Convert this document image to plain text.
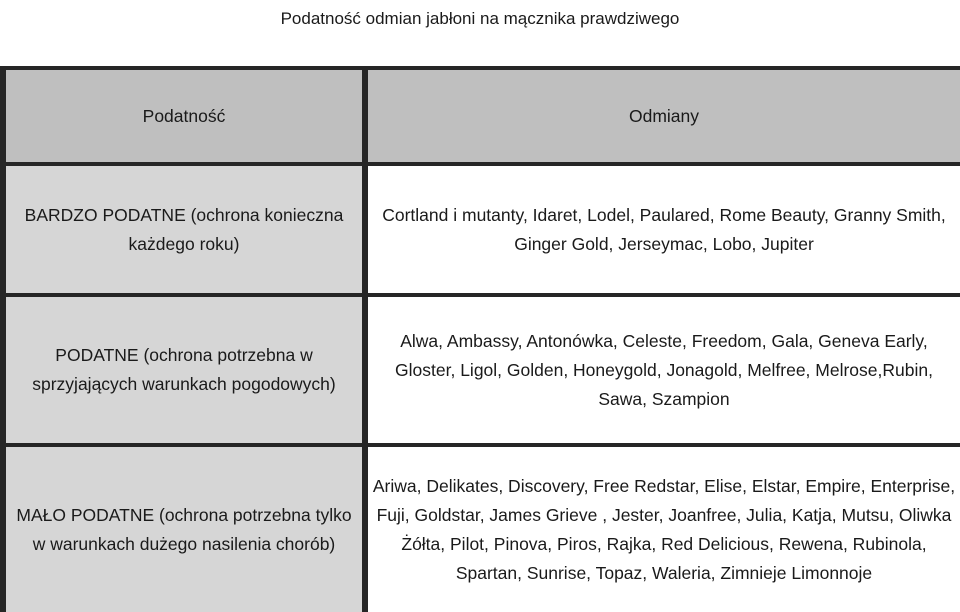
Podatność odmian jabłoni na mącznika prawdziwego
Podatność	Odmiany
BARDZO PODATNE (ochrona konieczna każdego roku)
Cortland i mutanty, Idaret, Lodel, Paulared, Rome Beauty, Granny Smith, Ginger Gold, Jerseymac, Lobo, Jupiter
PODATNE (ochrona potrzebna w sprzyjających warunkach pogodowych)
Alwa, Ambassy, Antonówka, Celeste, Freedom, Gala, Geneva Early, Gloster, Ligol, Golden, Honeygold, Jonagold, Melfree, Melrose,Rubin, Sawa, Szampion
MAŁO PODATNE (ochrona potrzebna tylko w warunkach dużego nasilenia chorób)
Ariwa, Delikates, Discovery, Free Redstar, Elise, Elstar, Empire, Enterprise, Fuji, Goldstar, James Grieve , Jester, Joanfree, Julia, Katja, Mutsu, Oliwka Żółta, Pilot, Pinova, Piros, Rajka, Red Delicious, Rewena, Rubinola, Spartan, Sunrise, Topaz, Waleria, Zimnieje Limonnoje
